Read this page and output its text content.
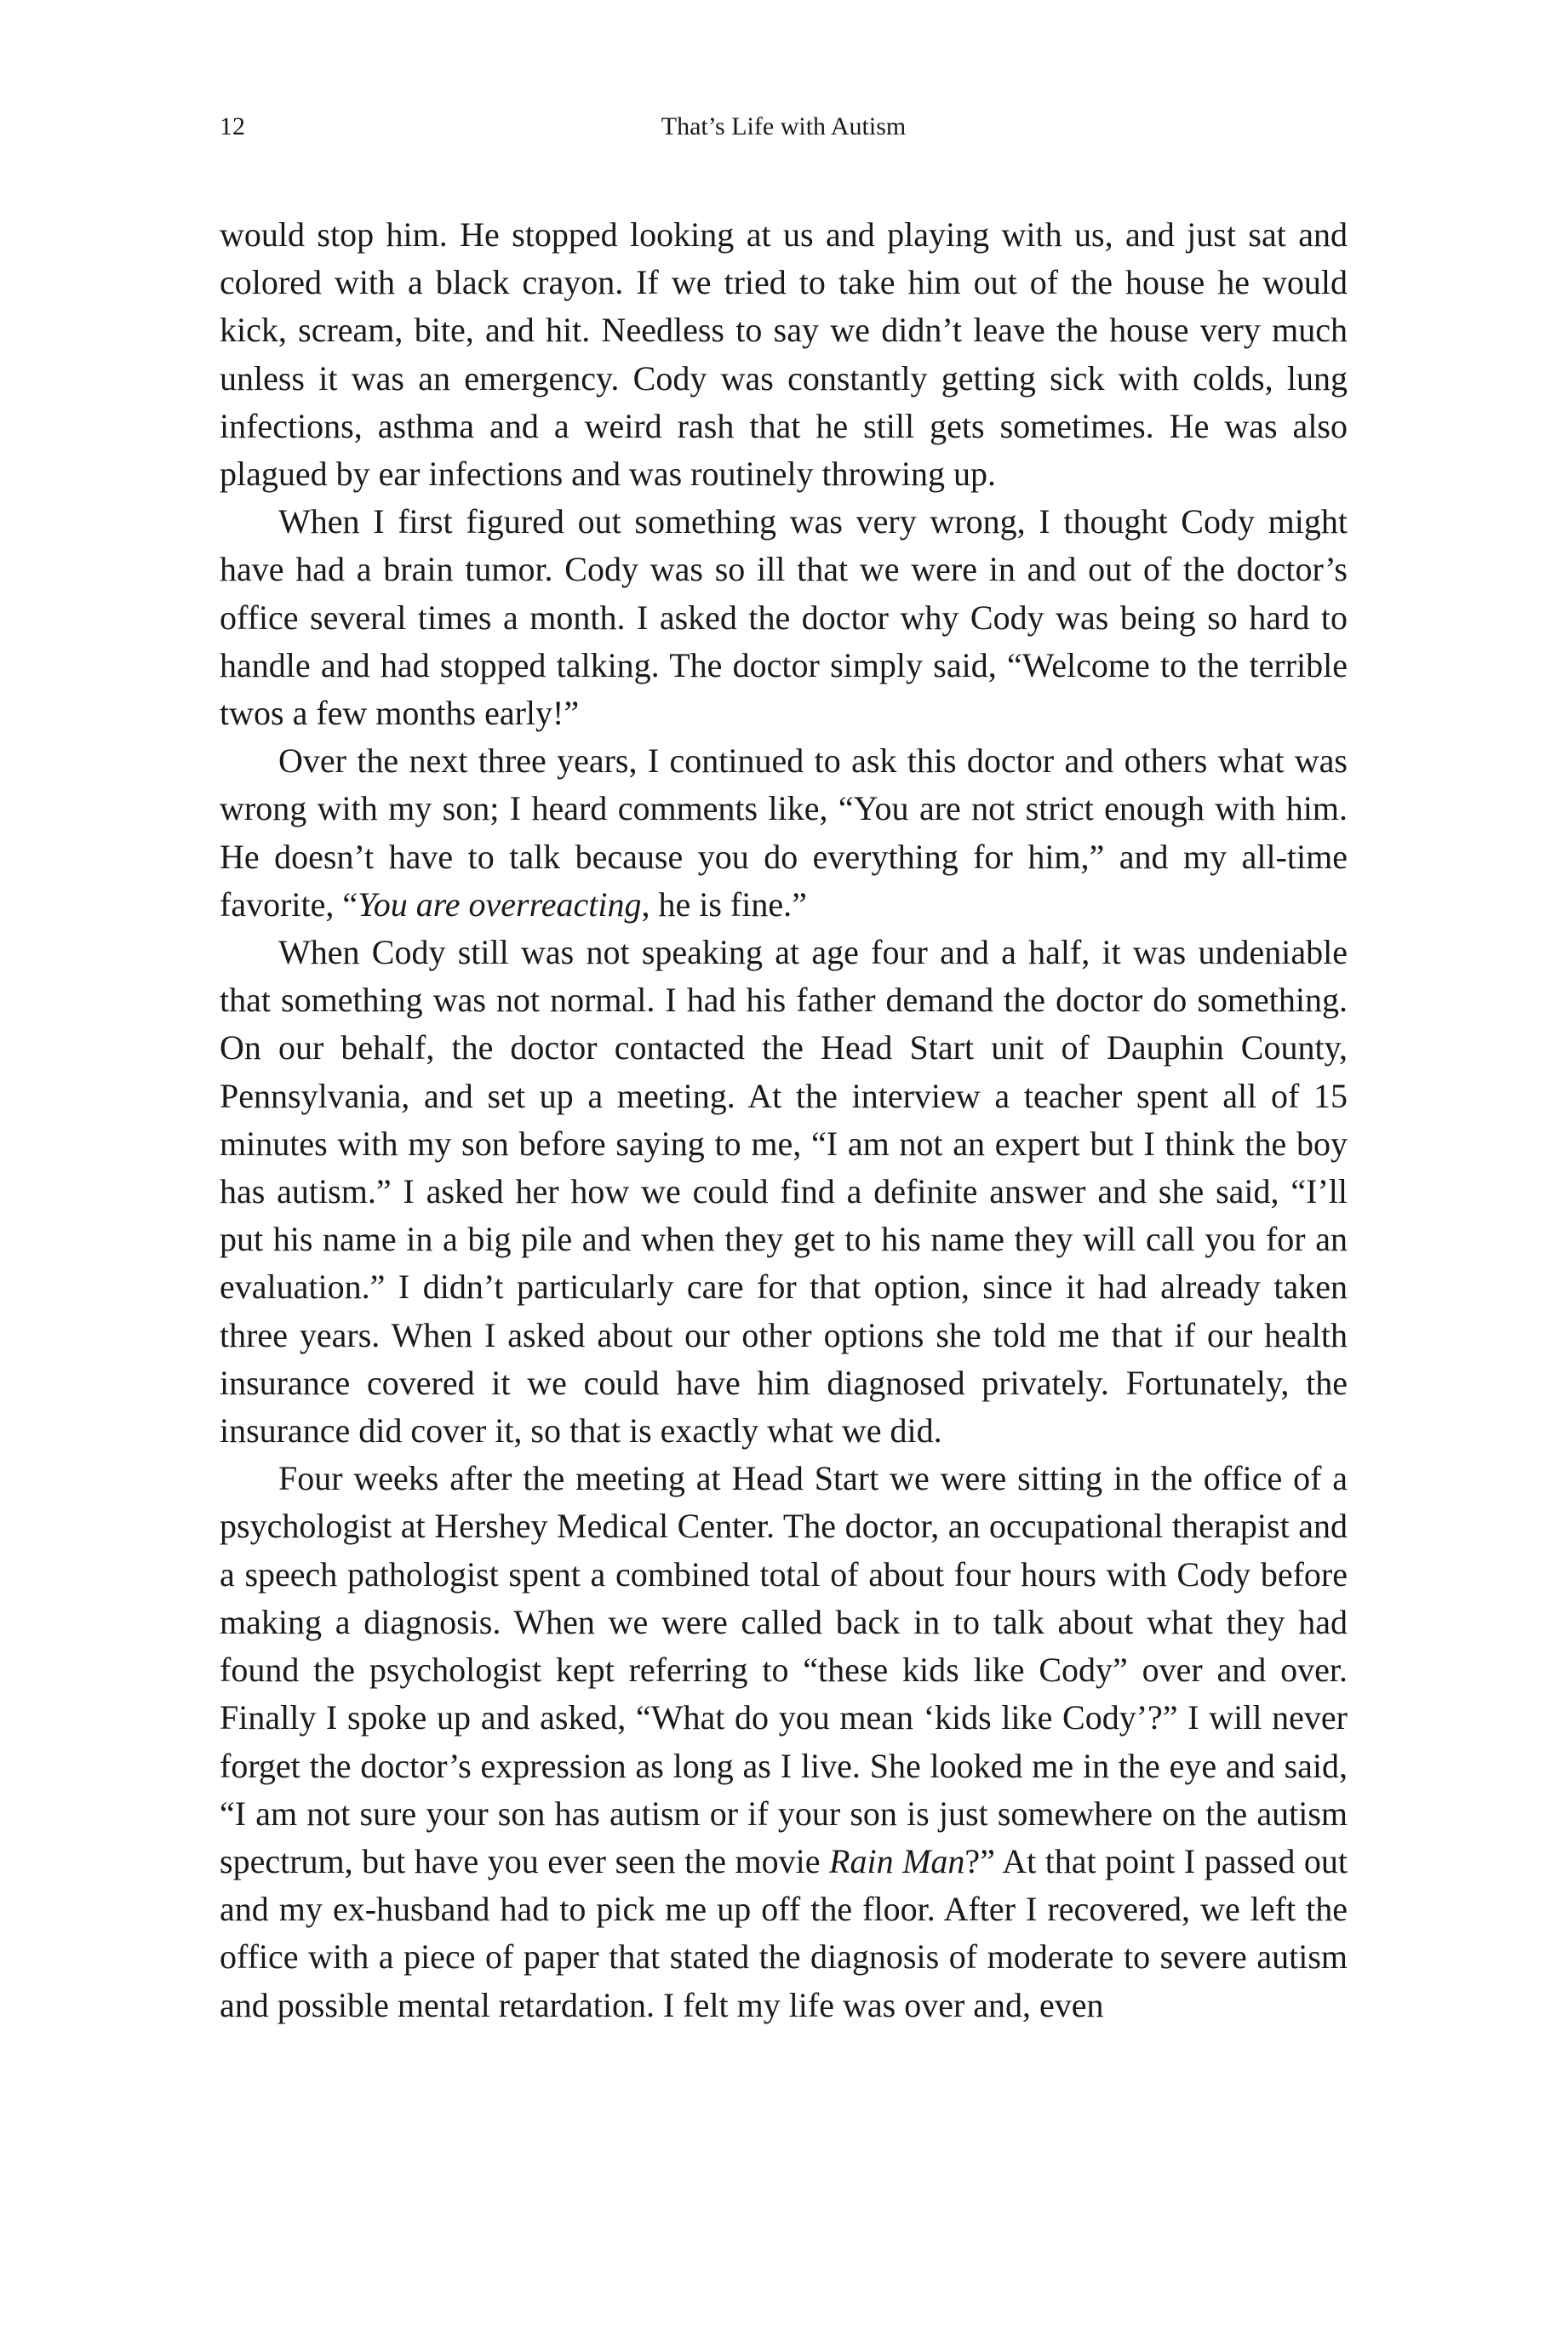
12	That’s Life with Autism

would stop him. He stopped looking at us and playing with us, and just sat and colored with a black crayon. If we tried to take him out of the house he would kick, scream, bite, and hit. Needless to say we didn’t leave the house very much unless it was an emergency. Cody was constantly getting sick with colds, lung infections, asthma and a weird rash that he still gets sometimes. He was also plagued by ear infections and was routinely throwing up.

When I first figured out something was very wrong, I thought Cody might have had a brain tumor. Cody was so ill that we were in and out of the doctor’s office several times a month. I asked the doctor why Cody was being so hard to handle and had stopped talking. The doctor simply said, “Welcome to the terrible twos a few months early!”

Over the next three years, I continued to ask this doctor and others what was wrong with my son; I heard comments like, “You are not strict enough with him. He doesn’t have to talk because you do everything for him,” and my all-time favorite, “You are overreacting, he is fine.”

When Cody still was not speaking at age four and a half, it was undeniable that something was not normal. I had his father demand the doctor do something. On our behalf, the doctor contacted the Head Start unit of Dauphin County, Pennsylvania, and set up a meeting. At the interview a teacher spent all of 15 minutes with my son before saying to me, “I am not an expert but I think the boy has autism.” I asked her how we could find a definite answer and she said, “I’ll put his name in a big pile and when they get to his name they will call you for an evaluation.” I didn’t particularly care for that option, since it had already taken three years. When I asked about our other options she told me that if our health insurance covered it we could have him diagnosed privately. Fortunately, the insurance did cover it, so that is exactly what we did.

Four weeks after the meeting at Head Start we were sitting in the office of a psychologist at Hershey Medical Center. The doctor, an occupational therapist and a speech pathologist spent a combined total of about four hours with Cody before making a diagnosis. When we were called back in to talk about what they had found the psychologist kept referring to “these kids like Cody” over and over. Finally I spoke up and asked, “What do you mean ‘kids like Cody’?” I will never forget the doctor’s expression as long as I live. She looked me in the eye and said, “I am not sure your son has autism or if your son is just somewhere on the autism spectrum, but have you ever seen the movie Rain Man?” At that point I passed out and my ex-husband had to pick me up off the floor. After I recovered, we left the office with a piece of paper that stated the diagnosis of moderate to severe autism and possible mental retardation. I felt my life was over and, even
